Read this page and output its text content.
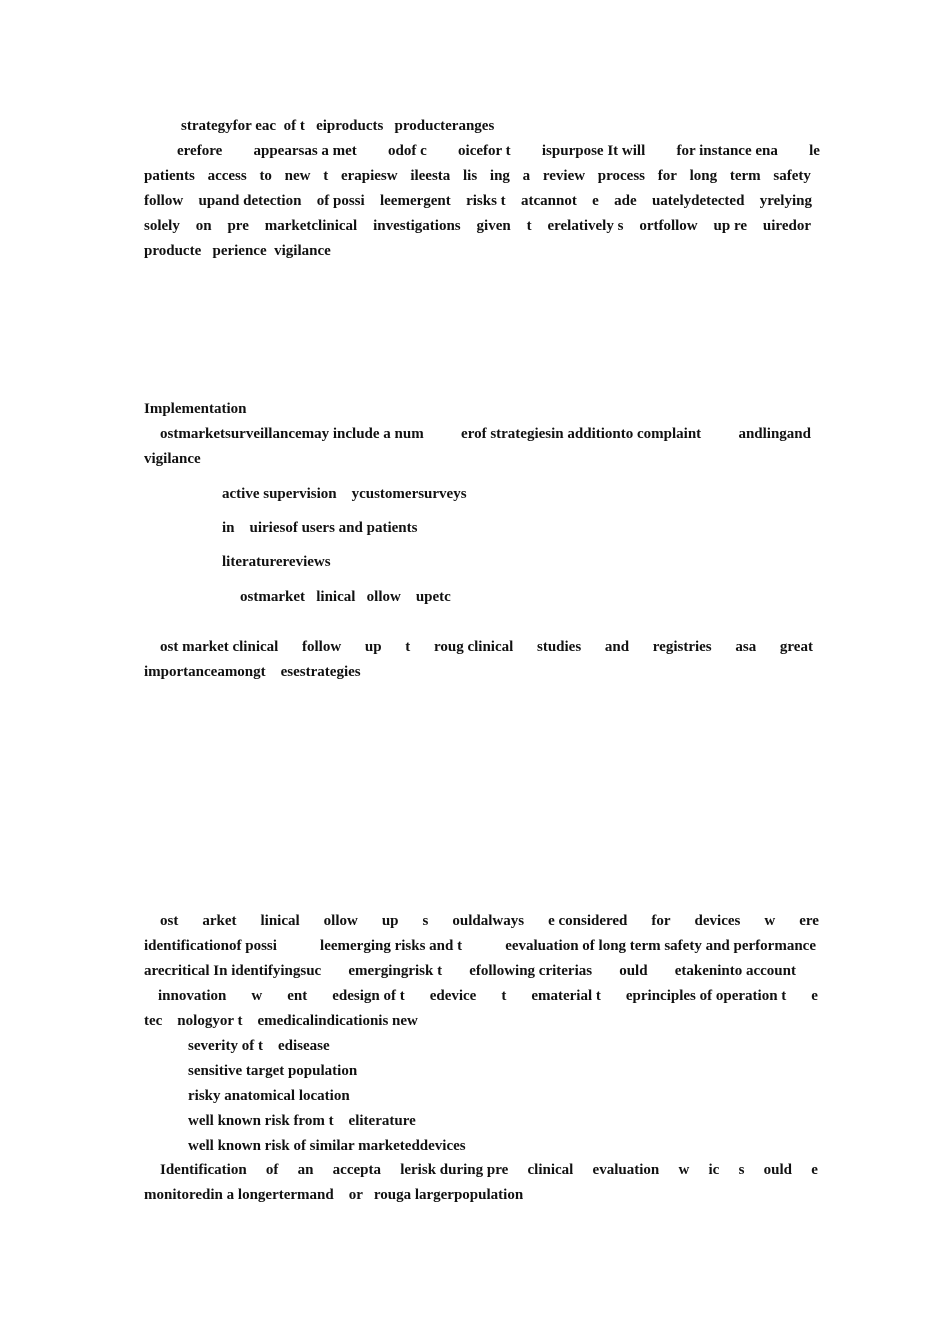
strategyfor eac  of t   eiproducts   producteranges
erefore appearsas a met odof c oicefor t ispurpose It will for instance ena le
patients access to new t erapiesw ileesta lis ing a review process for long term safety
follow upand detection of possi leemergent risks t atcannot e ade uatelydetected yrelying
solely on pre marketclinical investigations given t erelatively s ortfollow up re uiredor
producte   perience  vigilance
Implementation
ostmarketsurveillancemay include a num erof strategiesin additionto complaint andlingand
vigilance
active supervision    ycustomersurveys
in    uiriesof users and patients
literaturereviews
ostmarket   linical   ollow    upetc
ost market clinical follow up t roug clinical studies and registries asa great
importanceamongt    esestrategies
ost arket linical ollow up s ouldalways e considered for devices w ere
identificationof possi	leemerging risks and t	eevaluation of long term safety and performance
arecritical In identifyingsuc emergingrisk t efollowing criterias ould etakeninto account
innovation w ent edesign of t edevice t ematerial t eprinciples of operation t e
tec    nologyor t    emedicalindicationis new
severity of t    edisease
sensitive target population
risky anatomical location
well known risk from t    eliterature
well known risk of similar marketeddevices
Identification of an accepta lerisk during pre clinical evaluation w ic s ould e
monitoredin a longertermand    or   rouga largerpopulation
